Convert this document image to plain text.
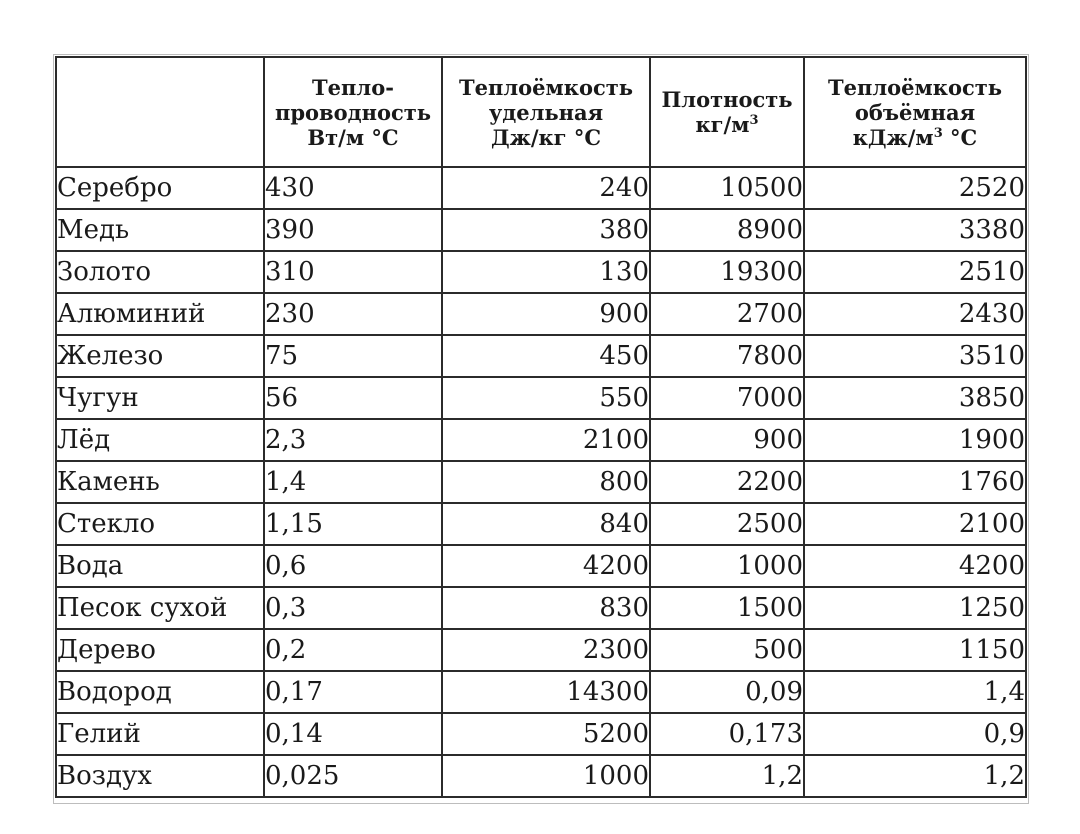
	Тепло-
проводность
Вт/м °С	Теплоёмкость
удельная
Дж/кг °С	Плотность
$кг/м^3$	Теплоёмкость
объёмная
кДж/$м^3$ °С

Серебро	430	240	10500	2520
Медь	390	380	8900	3380
Золото	310	130	19300	2510
Алюминий	230	900	2700	2430
Железо	75	450	7800	3510
Чугун	56	550	7000	3850
Лёд	2,3	2100	900	1900
Камень	1,4	800	2200	1760
Стекло	1,15	840	2500	2100
Вода	0,6	4200	1000	4200
Песок сухой	0,3	830	1500	1250
Дерево	0,2	2300	500	1150
Водород	0,17	14300	0,09	1,4
Гелий	0,14	5200	0,173	0,9
Воздух	0,025	1000	1,2	1,2
